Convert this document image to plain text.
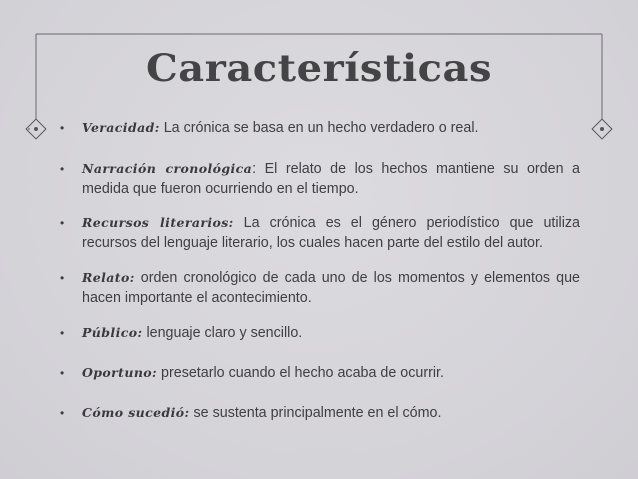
Características
• Veracidad: La crónica se basa en un hecho verdadero o real.
• Narración cronológica: El relato de los hechos mantiene su orden a medida que fueron ocurriendo en el tiempo.
• Recursos literarios: La crónica es el género periodístico que utiliza recursos del lenguaje literario, los cuales hacen parte del estilo del autor.
• Relato: orden cronológico de cada uno de los momentos y elementos que hacen importante el acontecimiento.
• Público: lenguaje claro y sencillo.
• Oportuno: presetarlo cuando el hecho acaba de ocurrir.
• Cómo sucedió: se sustenta principalmente en el cómo.
